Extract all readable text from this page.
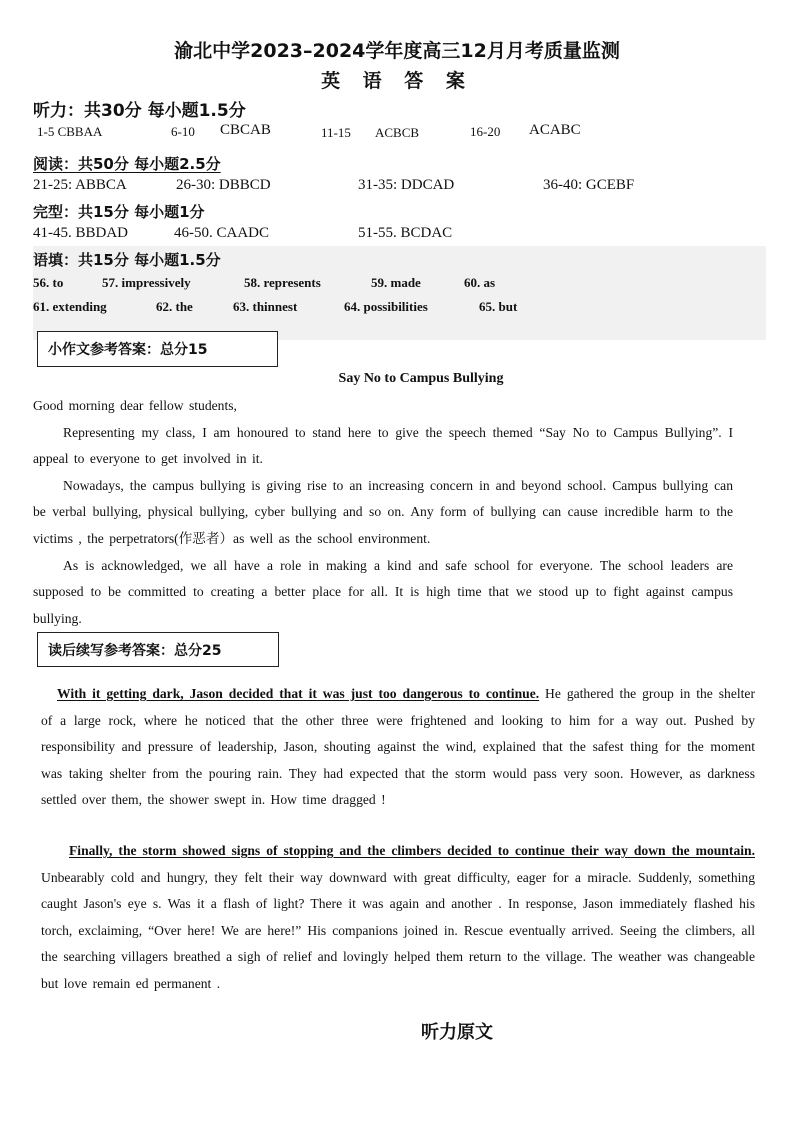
渝北中学2023–2024学年度高三12月月考质量监测
英 语 答 案
听力：共30分 每小题1.5分
1-5 CBBAA	6-10 CBCAB	11-15 ACBCB	16-20 ACABC
阅读：共50分 每小题2.5分
21-25: ABBCA	26-30: DBBCD	31-35: DDCAD	36-40: GCEBF
完型：共15分 每小题1分
41-45. BBDAD	46-50. CAADC	51-55. BCDAC
语填：共15分 每小题1.5分
56. to	57. impressively	58. represents	59. made	60. as
61. extending	62. the	63. thinnest	64. possibilities	65. but
小作文参考答案：总分15
Say No to Campus Bullying
Good morning dear fellow students,
Representing my class, I am honoured to stand here to give the speech themed “Say No to Campus Bullying”. I appeal to everyone to get involved in it.
Nowadays, the campus bullying is giving rise to an increasing concern in and beyond school. Campus bullying can be verbal bullying, physical bullying, cyber bullying and so on. Any form of bullying can cause incredible harm to the victims , the perpetrators(作恶者）as well as the school environment.
As is acknowledged, we all have a role in making a kind and safe school for everyone. The school leaders are supposed to be committed to creating a better place for all. It is high time that we stood up to fight against campus bullying.
读后续写参考答案：总分25
With it getting dark, Jason decided that it was just too dangerous to continue. He gathered the group in the shelter of a large rock, where he noticed that the other three were frightened and looking to him for a way out. Pushed by responsibility and pressure of leadership, Jason, shouting against the wind, explained that the safest thing for the moment was taking shelter from the pouring rain. They had expected that the storm would pass very soon. However, as darkness settled over them, the shower swept in. How time dragged !
Finally, the storm showed signs of stopping and the climbers decided to continue their way down the mountain. Unbearably cold and hungry, they felt their way downward with great difficulty, eager for a miracle. Suddenly, something caught Jason's eye s. Was it a flash of light? There it was again and another . In response, Jason immediately flashed his torch, exclaiming, “Over here! We are here!” His companions joined in. Rescue eventually arrived. Seeing the climbers, all the searching villagers breathed a sigh of relief and lovingly helped them return to the village. The weather was changeable but love remain ed permanent .
听力原文
